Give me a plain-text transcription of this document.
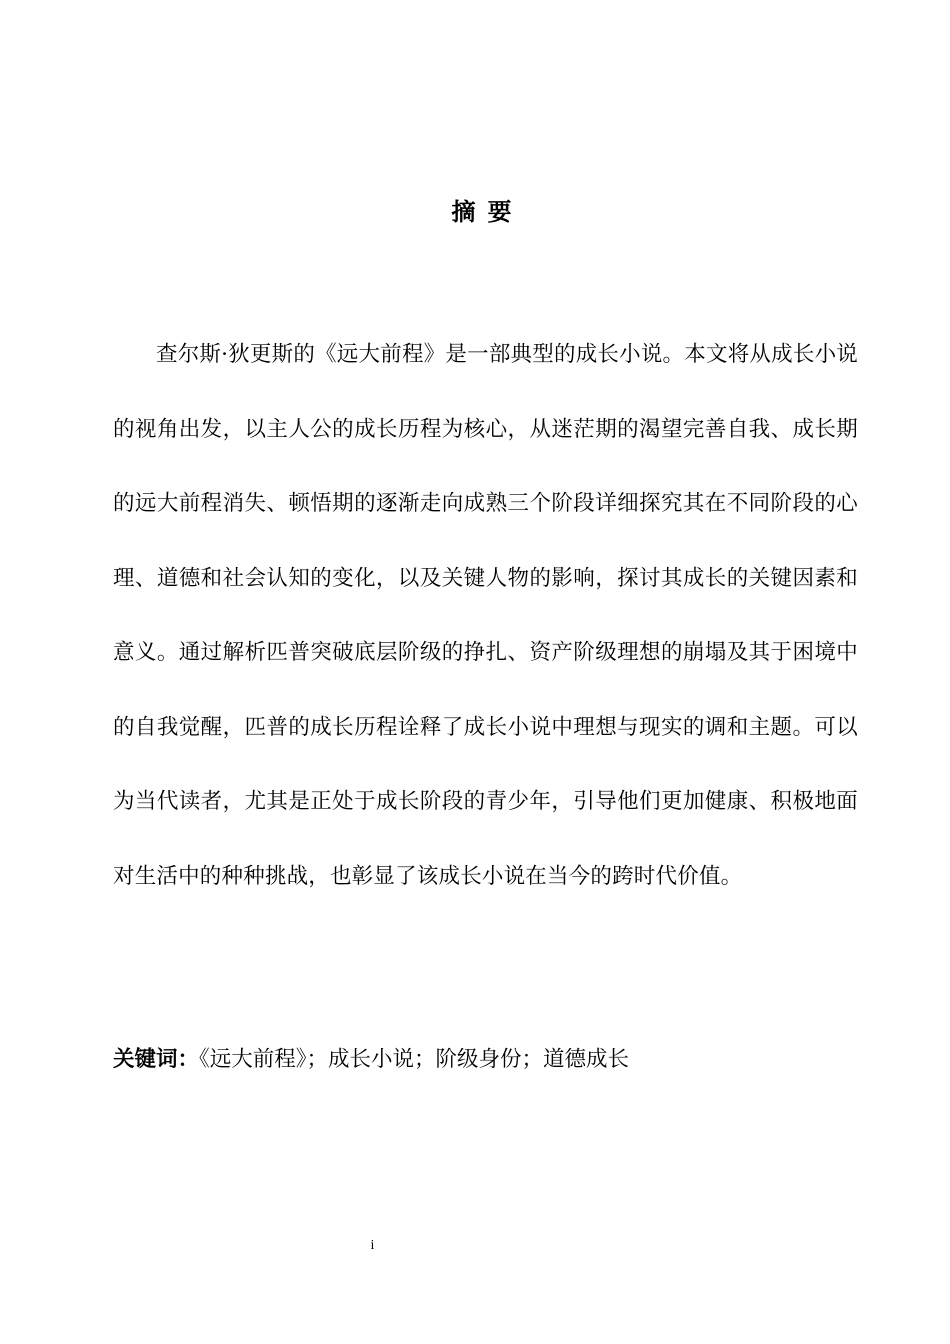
摘要
查尔斯·狄更斯的《远大前程》是一部典型的成长小说。本文将从成长小说的视角出发，以主人公的成长历程为核心，从迷茫期的渴望完善自我、成长期的远大前程消失、顿悟期的逐渐走向成熟三个阶段详细探究其在不同阶段的心理、道德和社会认知的变化，以及关键人物的影响，探讨其成长的关键因素和意义。通过解析匹普突破底层阶级的挣扎、资产阶级理想的崩塌及其于困境中的自我觉醒，匹普的成长历程诠释了成长小说中理想与现实的调和主题。可以为当代读者，尤其是正处于成长阶段的青少年，引导他们更加健康、积极地面对生活中的种种挑战，也彰显了该成长小说在当今的跨时代价值。
关键词：《远大前程》；成长小说；阶级身份；道德成长
i
